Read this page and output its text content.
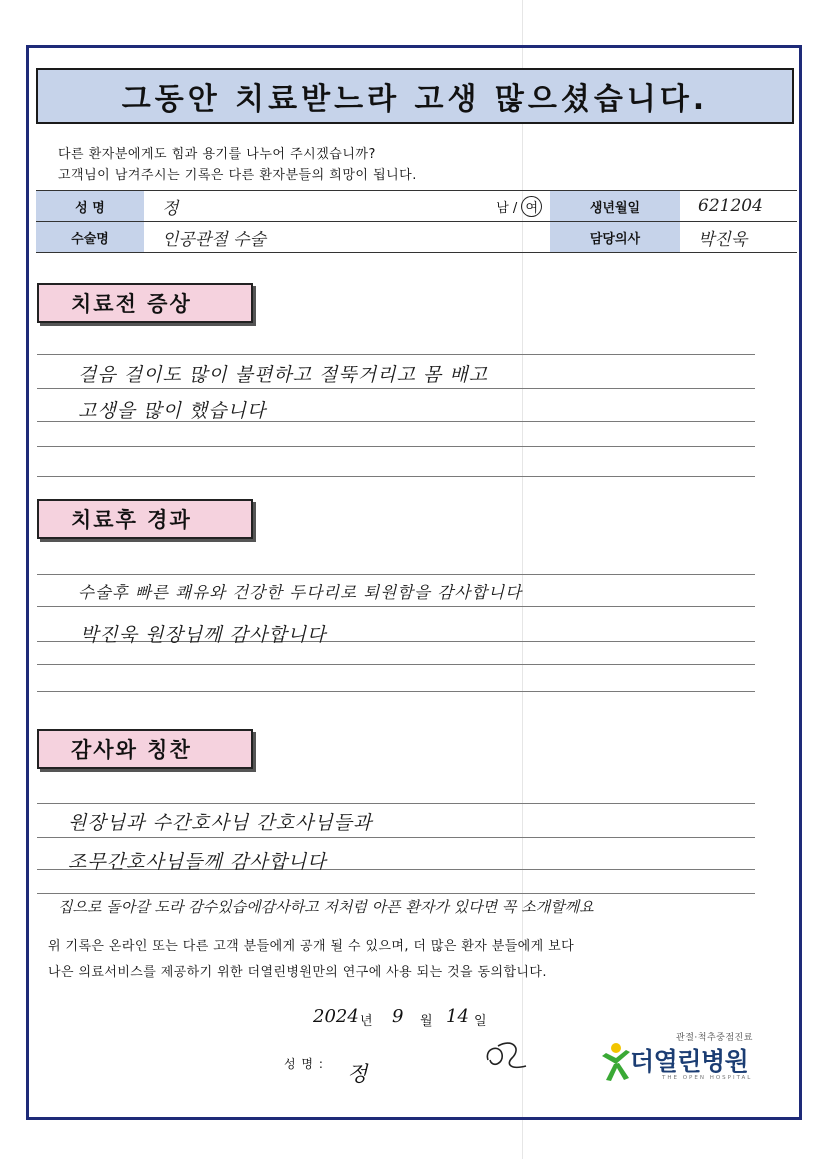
그동안 치료받느라 고생 많으셨습니다.
다른 환자분에게도 힘과 용기를 나누어 주시겠습니까?
고객님이 남겨주시는 기록은 다른 환자분들의 희망이 됩니다.
성 명	정	남 / 여	생년월일	621204
수술명	인공관절 수술		담당의사	박진욱
치료전 증상
걸음 걸이도 많이 불편하고 절뚝거리고 몸 배고
고생을 많이 했습니다
치료후 경과
수술후 빠른 쾌유와 건강한 두다리로 퇴원함을 감사합니다
박진욱 원장님께 감사합니다
감사와 칭찬
원장님과 수간호사님 간호사님들과
조무간호사님들께 감사합니다
집으로 돌아갈 도라 감수있습에감사하고 저처럼 아픈 환자가 있다면 꼭 소개할께요
위 기록은 온라인 또는 다른 고객 분들에게 공개 될 수 있으며, 더 많은 환자 분들에게 보다
나은 의료서비스를 제공하기 위한 더열린병원만의 연구에 사용 되는 것을 동의합니다.
2024 년 9 월 14 일
성 명 : 정
관절·척추중점진료
더열린병원
THE OPEN HOSPITAL
